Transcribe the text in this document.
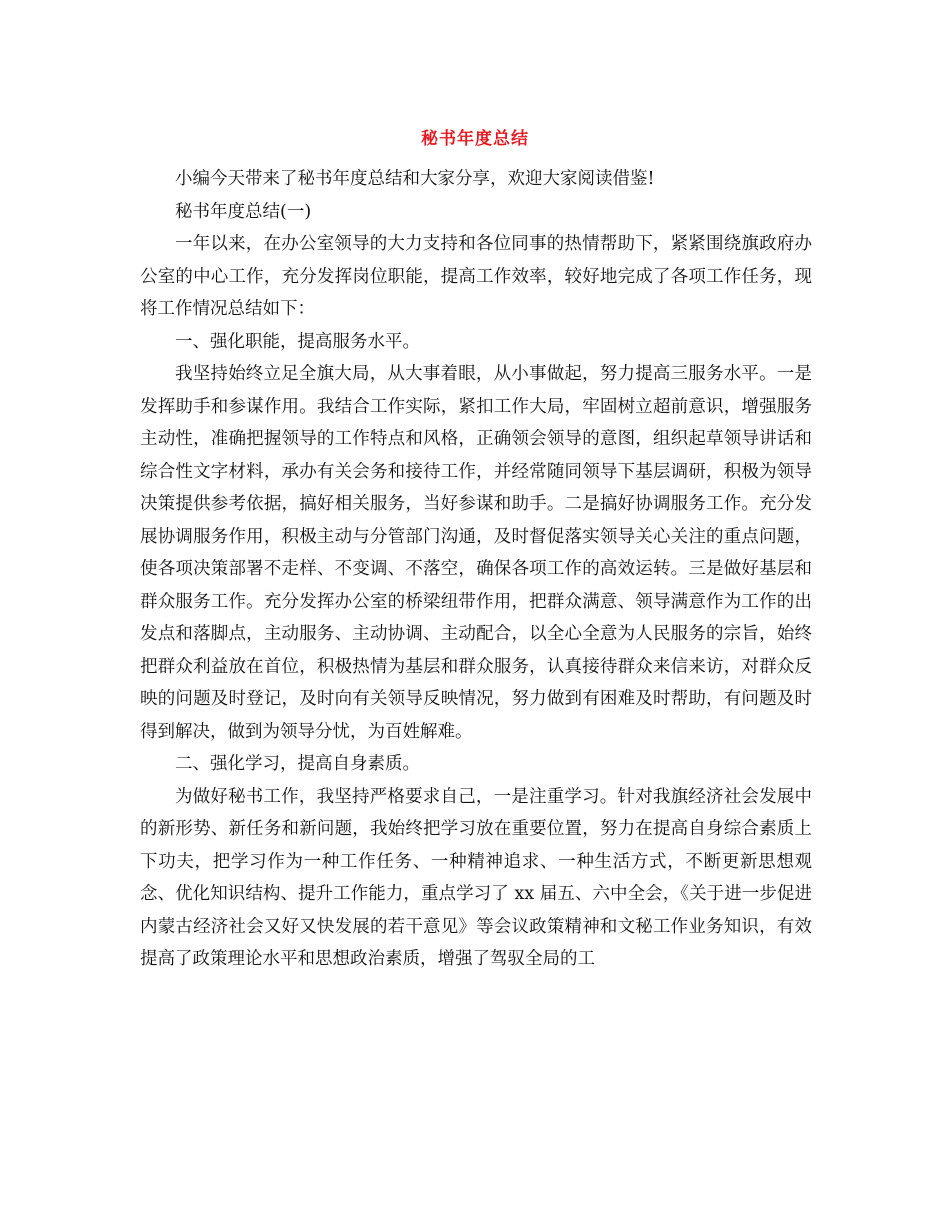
秘书年度总结

小编今天带来了秘书年度总结和大家分享，欢迎大家阅读借鉴!

秘书年度总结(一)

一年以来，在办公室领导的大力支持和各位同事的热情帮助下，紧紧围绕旗政府办公室的中心工作，充分发挥岗位职能，提高工作效率，较好地完成了各项工作任务，现将工作情况总结如下：

一、强化职能，提高服务水平。

我坚持始终立足全旗大局，从大事着眼，从小事做起，努力提高三服务水平。一是发挥助手和参谋作用。我结合工作实际，紧扣工作大局，牢固树立超前意识，增强服务主动性，准确把握领导的工作特点和风格，正确领会领导的意图，组织起草领导讲话和综合性文字材料，承办有关会务和接待工作，并经常随同领导下基层调研，积极为领导决策提供参考依据，搞好相关服务，当好参谋和助手。二是搞好协调服务工作。充分发展协调服务作用，积极主动与分管部门沟通，及时督促落实领导关心关注的重点问题，使各项决策部署不走样、不变调、不落空，确保各项工作的高效运转。三是做好基层和群众服务工作。充分发挥办公室的桥梁纽带作用，把群众满意、领导满意作为工作的出发点和落脚点，主动服务、主动协调、主动配合，以全心全意为人民服务的宗旨，始终把群众利益放在首位，积极热情为基层和群众服务，认真接待群众来信来访，对群众反映的问题及时登记，及时向有关领导反映情况，努力做到有困难及时帮助，有问题及时得到解决，做到为领导分忧，为百姓解难。

二、强化学习，提高自身素质。

为做好秘书工作，我坚持严格要求自己，一是注重学习。针对我旗经济社会发展中的新形势、新任务和新问题，我始终把学习放在重要位置，努力在提高自身综合素质上下功夫，把学习作为一种工作任务、一种精神追求、一种生活方式，不断更新思想观念、优化知识结构、提升工作能力，重点学习了 xx 届五、六中全会，《关于进一步促进内蒙古经济社会又好又快发展的若干意见》等会议政策精神和文秘工作业务知识，有效提高了政策理论水平和思想政治素质，增强了驾驭全局的工
